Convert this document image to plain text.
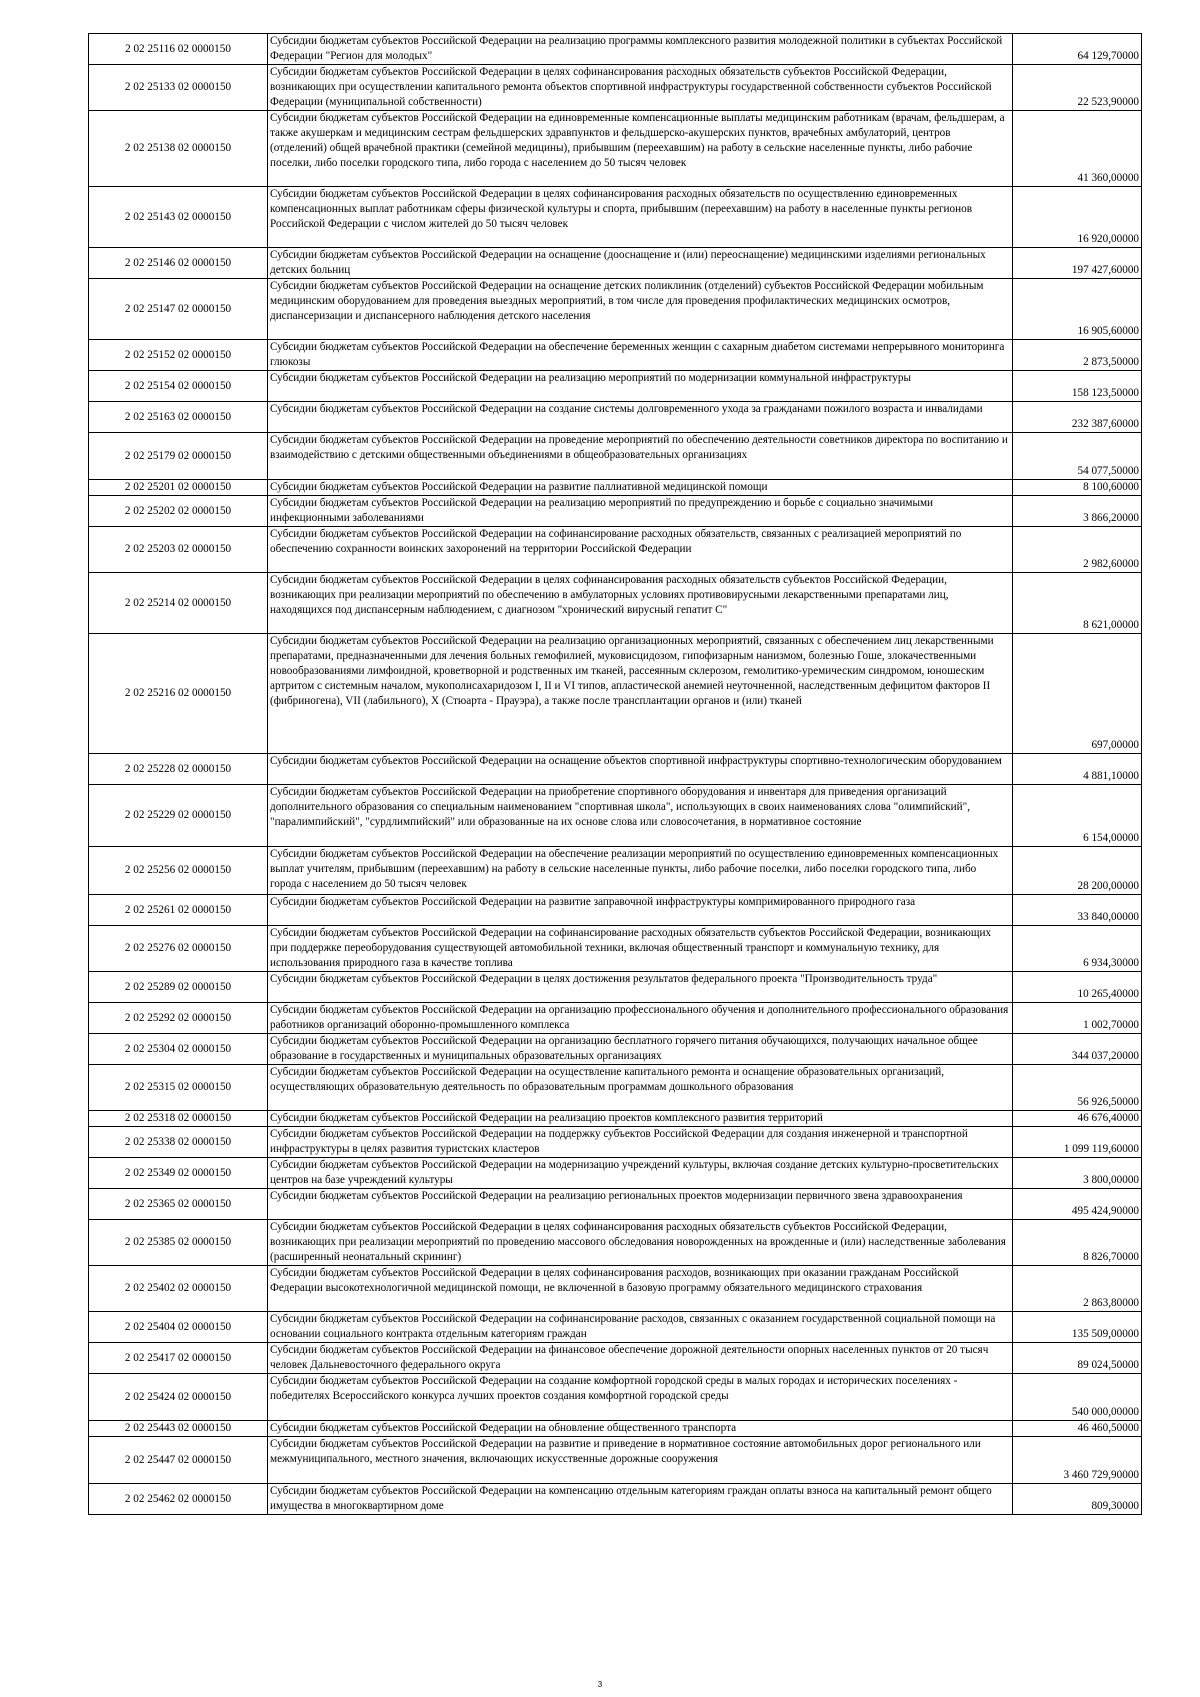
2 02 25116 02 0000150	Субсидии бюджетам субъектов Российской Федерации на реализацию программы комплексного развития молодежной политики в субъектах Российской Федерации "Регион для молодых"	64 129,70000
2 02 25133 02 0000150	Субсидии бюджетам субъектов Российской Федерации в целях софинансирования расходных обязательств субъектов Российской Федерации, возникающих при осуществлении капитального ремонта объектов спортивной инфраструктуры государственной собственности субъектов Российской Федерации (муниципальной собственности)	22 523,90000
2 02 25138 02 0000150	Субсидии бюджетам субъектов Российской Федерации на единовременные компенсационные выплаты медицинским работникам (врачам, фельдшерам, а также акушеркам и медицинским сестрам фельдшерских здравпунктов и фельдшерско-акушерских пунктов, врачебных амбулаторий, центров (отделений) общей врачебной практики (семейной медицины), прибывшим (переехавшим) на работу в сельские населенные пункты, либо рабочие поселки, либо поселки городского типа, либо города с населением до 50 тысяч человек	41 360,00000
2 02 25143 02 0000150	Субсидии бюджетам субъектов Российской Федерации в целях софинансирования расходных обязательств по осуществлению единовременных компенсационных выплат работникам сферы физической культуры и спорта, прибывшим (переехавшим) на работу в населенные пункты регионов Российской Федерации с числом жителей до 50 тысяч человек	16 920,00000
2 02 25146 02 0000150	Субсидии бюджетам субъектов Российской Федерации на оснащение (дооснащение и (или) переоснащение) медицинскими изделиями региональных детских больниц	197 427,60000
2 02 25147 02 0000150	Субсидии бюджетам субъектов Российской Федерации на оснащение детских поликлиник (отделений) субъектов Российской Федерации мобильным медицинским оборудованием для проведения выездных мероприятий, в том числе для проведения профилактических медицинских осмотров, диспансеризации и диспансерного наблюдения детского населения	16 905,60000
2 02 25152 02 0000150	Субсидии бюджетам субъектов Российской Федерации на обеспечение беременных женщин с сахарным диабетом системами непрерывного мониторинга глюкозы	2 873,50000
2 02 25154 02 0000150	Субсидии бюджетам субъектов Российской Федерации на реализацию мероприятий по модернизации коммунальной инфраструктуры	158 123,50000
2 02 25163 02 0000150	Субсидии бюджетам субъектов Российской Федерации на создание системы долговременного ухода за гражданами пожилого возраста и инвалидами	232 387,60000
2 02 25179 02 0000150	Субсидии бюджетам субъектов Российской Федерации на проведение мероприятий по обеспечению деятельности советников директора по воспитанию и взаимодействию с детскими общественными объединениями в общеобразовательных организациях	54 077,50000
2 02 25201 02 0000150	Субсидии бюджетам субъектов Российской Федерации на развитие паллиативной медицинской помощи	8 100,60000
2 02 25202 02 0000150	Субсидии бюджетам субъектов Российской Федерации на реализацию мероприятий по предупреждению и борьбе с социально значимыми инфекционными заболеваниями	3 866,20000
2 02 25203 02 0000150	Субсидии бюджетам субъектов Российской Федерации на софинансирование расходных обязательств, связанных с реализацией мероприятий по обеспечению сохранности воинских захоронений на территории Российской Федерации	2 982,60000
2 02 25214 02 0000150	Субсидии бюджетам субъектов Российской Федерации в целях софинансирования расходных обязательств субъектов Российской Федерации, возникающих при реализации мероприятий по обеспечению в амбулаторных условиях противовирусными лекарственными препаратами лиц, находящихся под диспансерным наблюдением, с диагнозом "хронический вирусный гепатит С"	8 621,00000
2 02 25216 02 0000150	Субсидии бюджетам субъектов Российской Федерации на реализацию организационных мероприятий, связанных с обеспечением лиц лекарственными препаратами, предназначенными для лечения больных гемофилией, муковисцидозом, гипофизарным нанизмом, болезнью Гоше, злокачественными новообразованиями лимфоидной, кроветворной и родственных им тканей, рассеянным склерозом, гемолитико-уремическим синдромом, юношеским артритом с системным началом, мукополисахаридозом I, II и VI типов, апластической анемией неуточненной, наследственным дефицитом факторов II (фибриногена), VII (лабильного), X (Стюарта - Прауэра), а также после трансплантации органов и (или) тканей	697,00000
2 02 25228 02 0000150	Субсидии бюджетам субъектов Российской Федерации на оснащение объектов спортивной инфраструктуры спортивно-технологическим оборудованием	4 881,10000
2 02 25229 02 0000150	Субсидии бюджетам субъектов Российской Федерации на приобретение спортивного оборудования и инвентаря для приведения организаций дополнительного образования со специальным наименованием "спортивная школа", использующих в своих наименованиях слова "олимпийский", "паралимпийский", "сурдлимпийский" или образованные на их основе слова или словосочетания, в нормативное состояние	6 154,00000
2 02 25256 02 0000150	Субсидии бюджетам субъектов Российской Федерации на обеспечение реализации мероприятий по осуществлению единовременных компенсационных выплат учителям, прибывшим (переехавшим) на работу в сельские населенные пункты, либо рабочие поселки, либо поселки городского типа, либо города с населением до 50 тысяч человек	28 200,00000
2 02 25261 02 0000150	Субсидии бюджетам субъектов Российской Федерации на развитие заправочной инфраструктуры компримированного природного газа	33 840,00000
2 02 25276 02 0000150	Субсидии бюджетам субъектов Российской Федерации на софинансирование расходных обязательств субъектов Российской Федерации, возникающих при поддержке переоборудования существующей автомобильной техники, включая общественный транспорт и коммунальную технику, для использования природного газа в качестве топлива	6 934,30000
2 02 25289 02 0000150	Субсидии бюджетам субъектов Российской Федерации в целях достижения результатов федерального проекта "Производительность труда"	10 265,40000
2 02 25292 02 0000150	Субсидии бюджетам субъектов Российской Федерации на организацию профессионального обучения и дополнительного профессионального образования работников организаций оборонно-промышленного комплекса	1 002,70000
2 02 25304 02 0000150	Субсидии бюджетам субъектов Российской Федерации на организацию бесплатного горячего питания обучающихся, получающих начальное общее образование в государственных и муниципальных образовательных организациях	344 037,20000
2 02 25315 02 0000150	Субсидии бюджетам субъектов Российской Федерации на осуществление капитального ремонта и оснащение образовательных организаций, осуществляющих образовательную деятельность по образовательным программам дошкольного образования	56 926,50000
2 02 25318 02 0000150	Субсидии бюджетам субъектов Российской Федерации на реализацию проектов комплексного развития территорий	46 676,40000
2 02 25338 02 0000150	Субсидии бюджетам субъектов Российской Федерации на поддержку субъектов Российской Федерации для создания инженерной и транспортной инфраструктуры в целях развития туристских кластеров	1 099 119,60000
2 02 25349 02 0000150	Субсидии бюджетам субъектов Российской Федерации на модернизацию учреждений культуры, включая создание детских культурно-просветительских центров на базе учреждений культуры	3 800,00000
2 02 25365 02 0000150	Субсидии бюджетам субъектов Российской Федерации на реализацию региональных проектов модернизации первичного звена здравоохранения	495 424,90000
2 02 25385 02 0000150	Субсидии бюджетам субъектов Российской Федерации в целях софинансирования расходных обязательств субъектов Российской Федерации, возникающих при реализации мероприятий по проведению массового обследования новорожденных на врожденные и (или) наследственные заболевания (расширенный неонатальный скрининг)	8 826,70000
2 02 25402 02 0000150	Субсидии бюджетам субъектов Российской Федерации в целях софинансирования расходов, возникающих при оказании гражданам Российской Федерации высокотехнологичной медицинской помощи, не включенной в базовую программу обязательного медицинского страхования	2 863,80000
2 02 25404 02 0000150	Субсидии бюджетам субъектов Российской Федерации на софинансирование расходов, связанных с оказанием государственной социальной помощи на основании социального контракта отдельным категориям граждан	135 509,00000
2 02 25417 02 0000150	Субсидии бюджетам субъектов Российской Федерации на финансовое обеспечение дорожной деятельности опорных населенных пунктов от 20 тысяч человек Дальневосточного федерального округа	89 024,50000
2 02 25424 02 0000150	Субсидии бюджетам субъектов Российской Федерации на создание комфортной городской среды в малых городах и исторических поселениях - победителях Всероссийского конкурса лучших проектов создания комфортной городской среды	540 000,00000
2 02 25443 02 0000150	Субсидии бюджетам субъектов Российской Федерации на обновление общественного транспорта	46 460,50000
2 02 25447 02 0000150	Субсидии бюджетам субъектов Российской Федерации на развитие и приведение в нормативное состояние автомобильных дорог регионального или межмуниципального, местного значения, включающих искусственные дорожные сооружения	3 460 729,90000
2 02 25462 02 0000150	Субсидии бюджетам субъектов Российской Федерации на компенсацию отдельным категориям граждан оплаты взноса на капитальный ремонт общего имущества в многоквартирном доме	809,30000
3
